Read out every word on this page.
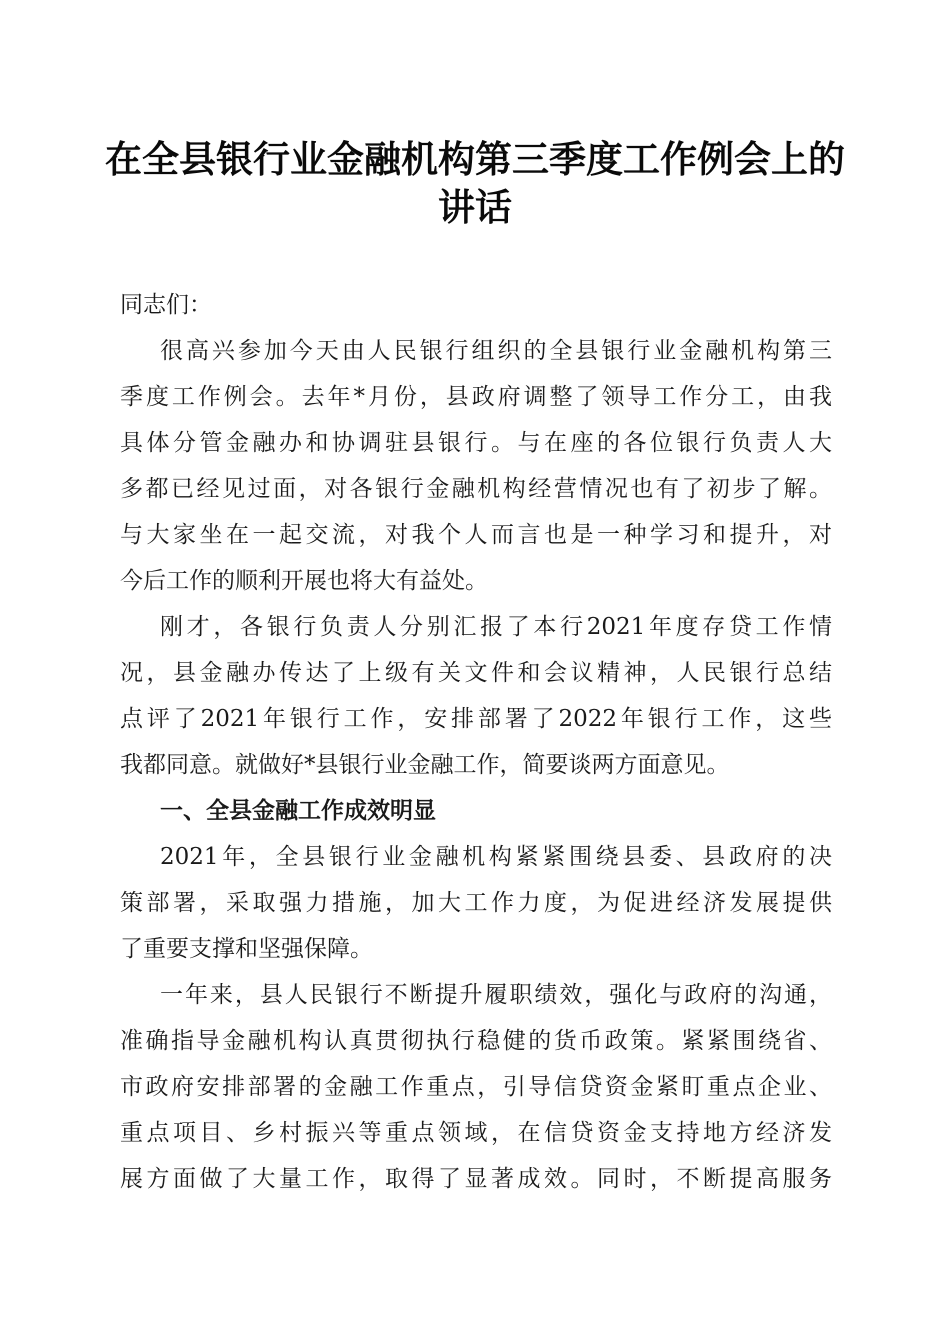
在全县银行业金融机构第三季度工作例会上的
讲话
同志们：
很高兴参加今天由人民银行组织的全县银行业金融机构第三
季度工作例会。去年*月份，县政府调整了领导工作分工，由我
具体分管金融办和协调驻县银行。与在座的各位银行负责人大
多都已经见过面，对各银行金融机构经营情况也有了初步了解。
与大家坐在一起交流，对我个人而言也是一种学习和提升，对
今后工作的顺利开展也将大有益处。
刚才，各银行负责人分别汇报了本行2021年度存贷工作情
况，县金融办传达了上级有关文件和会议精神，人民银行总结
点评了2021年银行工作，安排部署了2022年银行工作，这些
我都同意。就做好*县银行业金融工作，简要谈两方面意见。
一、全县金融工作成效明显
2021年，全县银行业金融机构紧紧围绕县委、县政府的决
策部署，采取强力措施，加大工作力度，为促进经济发展提供
了重要支撑和坚强保障。
一年来，县人民银行不断提升履职绩效，强化与政府的沟通，
准确指导金融机构认真贯彻执行稳健的货币政策。紧紧围绕省、
市政府安排部署的金融工作重点，引导信贷资金紧盯重点企业、
重点项目、乡村振兴等重点领域，在信贷资金支持地方经济发
展方面做了大量工作，取得了显著成效。同时，不断提高服务
